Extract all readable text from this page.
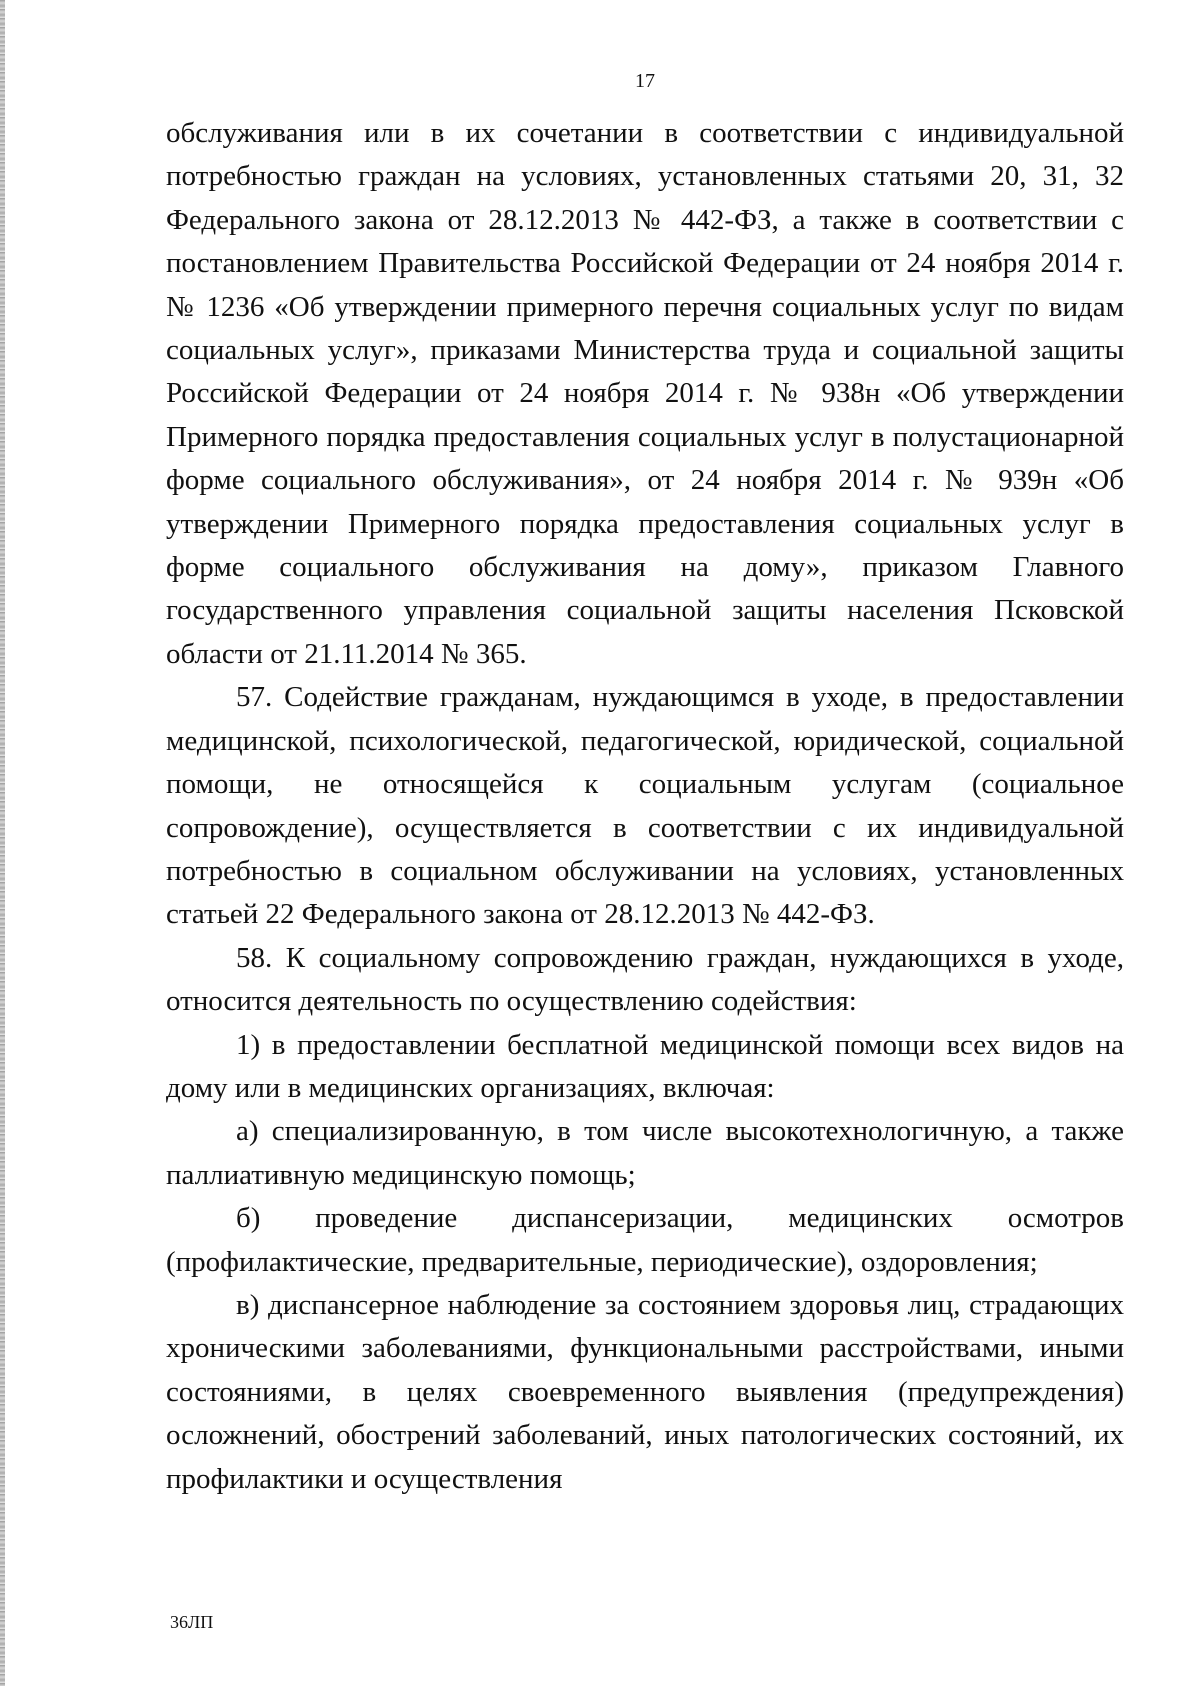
17

обслуживания или в их сочетании в соответствии с индивидуальной потребностью граждан на условиях, установленных статьями 20, 31, 32 Федерального закона от 28.12.2013 № 442-ФЗ, а также в соответствии с постановлением Правительства Российской Федерации от 24 ноября 2014 г. № 1236 «Об утверждении примерного перечня социальных услуг по видам социальных услуг», приказами Министерства труда и социальной защиты Российской Федерации от 24 ноября 2014 г. № 938н «Об утверждении Примерного порядка предоставления социальных услуг в полустационарной форме социального обслуживания», от 24 ноября 2014 г. № 939н «Об утверждении Примерного порядка предоставления социальных услуг в форме социального обслуживания на дому», приказом Главного государственного управления социальной защиты населения Псковской области от 21.11.2014 № 365.

57. Содействие гражданам, нуждающимся в уходе, в предоставлении медицинской, психологической, педагогической, юридической, социальной помощи, не относящейся к социальным услугам (социальное сопровождение), осуществляется в соответствии с их индивидуальной потребностью в социальном обслуживании на условиях, установленных статьей 22 Федерального закона от 28.12.2013 № 442-ФЗ.

58. К социальному сопровождению граждан, нуждающихся в уходе, относится деятельность по осуществлению содействия:

1) в предоставлении бесплатной медицинской помощи всех видов на дому или в медицинских организациях, включая:

а) специализированную, в том числе высокотехнологичную, а также паллиативную медицинскую помощь;

б) проведение диспансеризации, медицинских осмотров (профилактические, предварительные, периодические), оздоровления;

в) диспансерное наблюдение за состоянием здоровья лиц, страдающих хроническими заболеваниями, функциональными расстройствами, иными состояниями, в целях своевременного выявления (предупреждения) осложнений, обострений заболеваний, иных патологических состояний, их профилактики и осуществления

36ЛП
